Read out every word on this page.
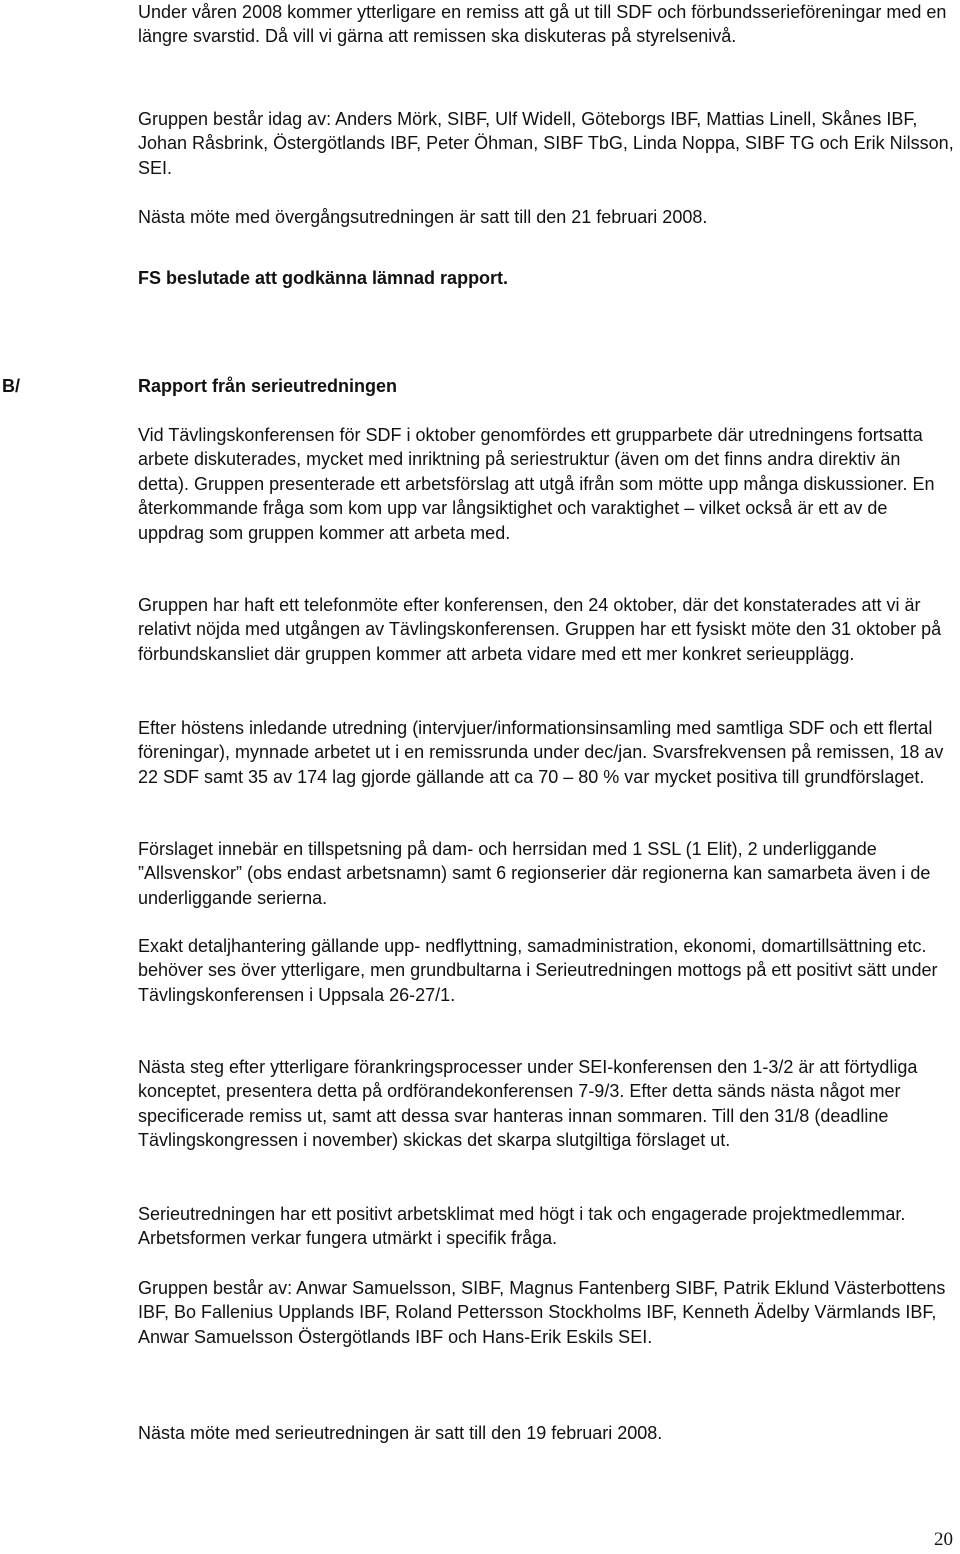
Under våren 2008 kommer ytterligare en remiss att gå ut till SDF och förbundsserieföreningar med en längre svarstid. Då vill vi gärna att remissen ska diskuteras på styrelsenivå.

Gruppen består idag av: Anders Mörk, SIBF, Ulf Widell, Göteborgs IBF, Mattias Linell, Skånes IBF, Johan Råsbrink, Östergötlands IBF, Peter Öhman, SIBF TbG, Linda Noppa, SIBF TG och Erik Nilsson, SEI.

Nästa möte med övergångsutredningen är satt till den 21 februari 2008.

FS beslutade att godkänna lämnad rapport.

B/	Rapport från serieutredningen

Vid Tävlingskonferensen för SDF i oktober genomfördes ett grupparbete där utredningens fortsatta arbete diskuterades, mycket med inriktning på seriestruktur (även om det finns andra direktiv än detta). Gruppen presenterade ett arbetsförslag att utgå ifrån som mötte upp många diskussioner. En återkommande fråga som kom upp var långsiktighet och varaktighet – vilket också är ett av de uppdrag som gruppen kommer att arbeta med.

Gruppen har haft ett telefonmöte efter konferensen, den 24 oktober, där det konstaterades att vi är relativt nöjda med utgången av Tävlingskonferensen. Gruppen har ett fysiskt möte den 31 oktober på förbundskansliet där gruppen kommer att arbeta vidare med ett mer konkret serieupplägg.

Efter höstens inledande utredning (intervjuer/informationsinsamling med samtliga SDF och ett flertal föreningar), mynnade arbetet ut i en remissrunda under dec/jan. Svarsfrekvensen på remissen, 18 av 22 SDF samt 35 av 174 lag gjorde gällande att ca 70 – 80 % var mycket positiva till grundförslaget.

Förslaget innebär en tillspetsning på dam- och herrsidan med 1 SSL (1 Elit), 2 underliggande ”Allsvenskor” (obs endast arbetsnamn) samt 6 regionserier där regionerna kan samarbeta även i de underliggande serierna.

Exakt detaljhantering gällande upp- nedflyttning, samadministration, ekonomi, domartillsättning etc. behöver ses över ytterligare, men grundbultarna i Serieutredningen mottogs på ett positivt sätt under Tävlingskonferensen i Uppsala 26-27/1.

Nästa steg efter ytterligare förankringsprocesser under SEI-konferensen den 1-3/2 är att förtydliga konceptet, presentera detta på ordförandekonferensen 7-9/3. Efter detta sänds nästa något mer specificerade remiss ut, samt att dessa svar hanteras innan sommaren. Till den 31/8 (deadline Tävlingskongressen i november) skickas det skarpa slutgiltiga förslaget ut.

Serieutredningen har ett positivt arbetsklimat med högt i tak och engagerade projektmedlemmar. Arbetsformen verkar fungera utmärkt i specifik fråga.

Gruppen består av: Anwar Samuelsson, SIBF, Magnus Fantenberg SIBF, Patrik Eklund Västerbottens IBF, Bo Fallenius Upplands IBF, Roland Pettersson Stockholms IBF, Kenneth Ädelby Värmlands IBF, Anwar Samuelsson Östergötlands IBF och Hans-Erik Eskils SEI.

Nästa möte med serieutredningen är satt till den 19 februari 2008.

20
